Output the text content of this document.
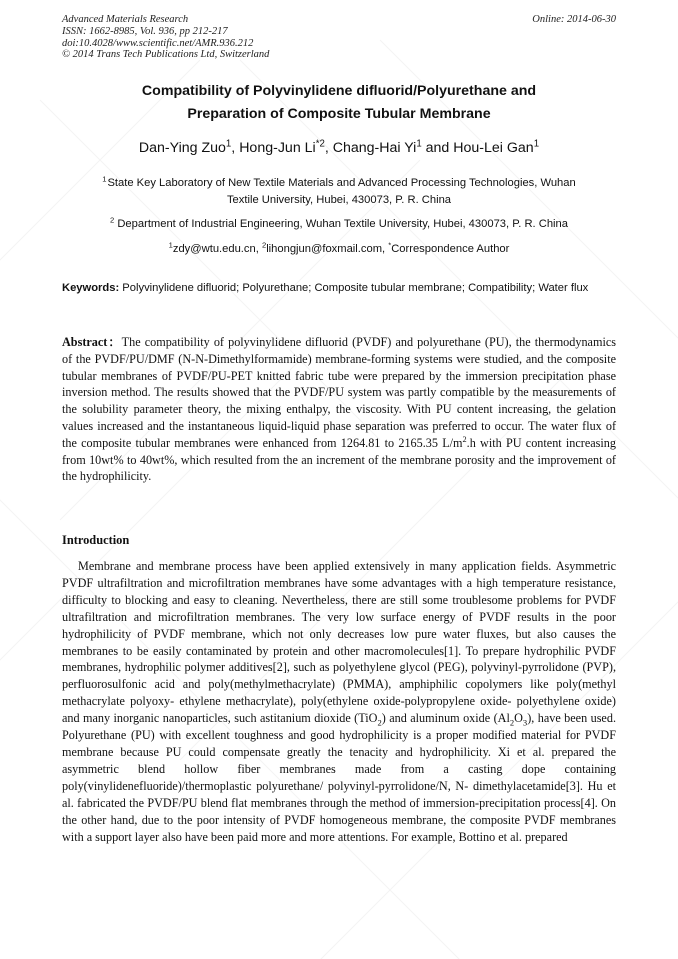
Advanced Materials Research
ISSN: 1662-8985, Vol. 936, pp 212-217
doi:10.4028/www.scientific.net/AMR.936.212
© 2014 Trans Tech Publications Ltd, Switzerland
Online: 2014-06-30
Compatibility of Polyvinylidene difluorid/Polyurethane and
Preparation of Composite Tubular Membrane
Dan-Ying Zuo$^1$, Hong-Jun Li$^{*2}$, Chang-Hai Yi$^1$ and Hou-Lei Gan$^1$
$^1$ State Key Laboratory of New Textile Materials and Advanced Processing Technologies, Wuhan
Textile University, Hubei, 430073, P. R. China
$^2$ Department of Industrial Engineering, Wuhan Textile University, Hubei, 430073, P. R. China
$^1$zdy@wtu.edu.cn, $^2$lihongjun@foxmail.com, *Correspondence Author
Keywords: Polyvinylidene difluorid; Polyurethane; Composite tubular membrane; Compatibility; Water flux
Abstract：The compatibility of polyvinylidene difluorid (PVDF) and polyurethane (PU), the thermodynamics of the PVDF/PU/DMF (N-N-Dimethylformamide) membrane-forming systems were studied, and the composite tubular membranes of PVDF/PU-PET knitted fabric tube were prepared by the immersion precipitation phase inversion method. The results showed that the PVDF/PU system was partly compatible by the measurements of the solubility parameter theory, the mixing enthalpy, the viscosity. With PU content increasing, the gelation values increased and the instantaneous liquid-liquid phase separation was preferred to occur. The water flux of the composite tubular membranes were enhanced from 1264.81 to 2165.35 $L/m^2.h$ with PU content increasing from 10wt% to 40wt%, which resulted from the an increment of the membrane porosity and the improvement of the hydrophilicity.
Introduction
Membrane and membrane process have been applied extensively in many application fields. Asymmetric PVDF ultrafiltration and microfiltration membranes have some advantages with a high temperature resistance, difficulty to blocking and easy to cleaning. Nevertheless, there are still some troublesome problems for PVDF ultrafiltration and microfiltration membranes. The very low surface energy of PVDF results in the poor hydrophilicity of PVDF membrane, which not only decreases low pure water fluxes, but also causes the membranes to be easily contaminated by protein and other macromolecules[1]. To prepare hydrophilic PVDF membranes, hydrophilic polymer additives[2], such as polyethylene glycol (PEG), polyvinyl-pyrrolidone (PVP), perfluorosulfonic acid and poly(methylmethacrylate) (PMMA), amphiphilic copolymers like poly(methyl methacrylate polyoxy- ethylene methacrylate), poly(ethylene oxide-polypropylene oxide- polyethylene oxide) and many inorganic nanoparticles, such astitanium dioxide (TiO$_2$) and aluminum oxide $(Al_2O_3)$, have been used. Polyurethane (PU) with excellent toughness and good hydrophilicity is a proper modified material for PVDF membrane because PU could compensate greatly the tenacity and hydrophilicity. Xi et al. prepared the asymmetric blend hollow fiber membranes made from a casting dope containing poly(vinylidenefluoride)/thermoplastic polyurethane/ polyvinyl-pyrrolidone/N, N- dimethylacetamide[3]. Hu et al. fabricated the PVDF/PU blend flat membranes through the method of immersion-precipitation process[4]. On the other hand, due to the poor intensity of PVDF homogeneous membrane, the composite PVDF membranes with a support layer also have been paid more and more attentions. For example, Bottino et al. prepared
